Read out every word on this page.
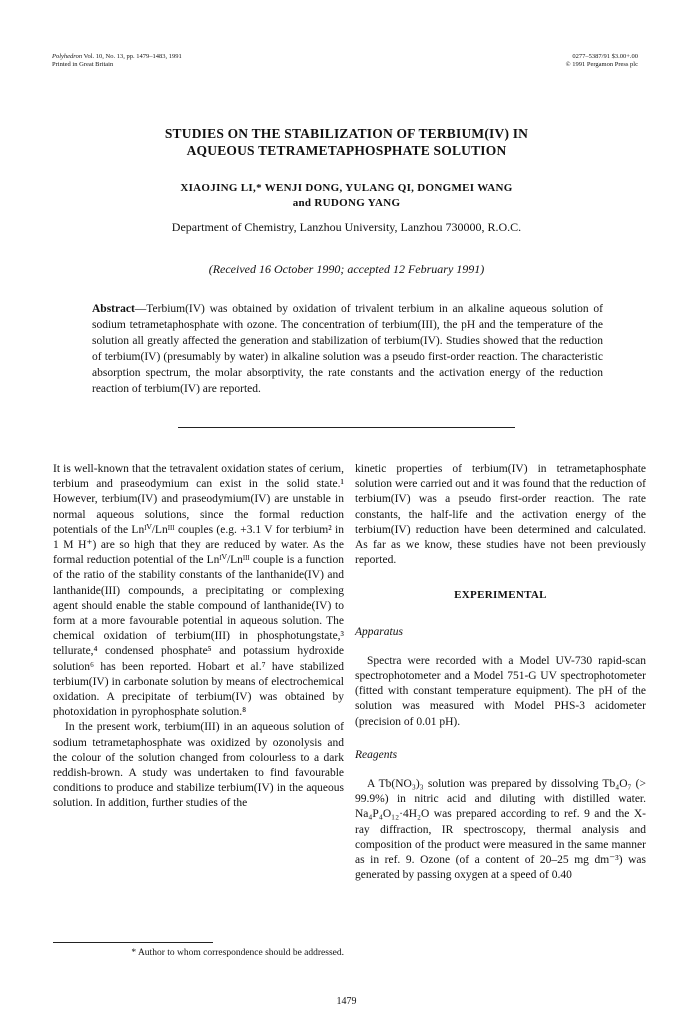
Polyhedron Vol. 10, No. 13, pp. 1479–1483, 1991
Printed in Great Britain
0277–5387/91 $3.00+.00
© 1991 Pergamon Press plc
STUDIES ON THE STABILIZATION OF TERBIUM(IV) IN
AQUEOUS TETRAMETAPHOSPHATE SOLUTION
XIAOJING LI,* WENJI DONG, YULANG QI, DONGMEI WANG
and RUDONG YANG
Department of Chemistry, Lanzhou University, Lanzhou 730000, R.O.C.
(Received 16 October 1990; accepted 12 February 1991)
Abstract—Terbium(IV) was obtained by oxidation of trivalent terbium in an alkaline aqueous solution of sodium tetrametaphosphate with ozone. The concentration of terbium(III), the pH and the temperature of the solution all greatly affected the generation and stabilization of terbium(IV). Studies showed that the reduction of terbium(IV) (presumably by water) in alkaline solution was a pseudo first-order reaction. The characteristic absorption spectrum, the molar absorptivity, the rate constants and the activation energy of the reduction reaction of terbium(IV) are reported.

It is well-known that the tetravalent oxidation states of cerium, terbium and praseodymium can exist in the solid state.¹ However, terbium(IV) and praseodymium(IV) are unstable in normal aqueous solutions, since the formal reduction potentials of the Lnᴵⱽ/Lnᴵᴵᴵ couples (e.g. +3.1 V for terbium² in 1 M H⁺) are so high that they are reduced by water. As the formal reduction potential of the Lnᴵⱽ/Lnᴵᴵᴵ couple is a function of the ratio of the stability constants of the lanthanide(IV) and lanthanide(III) compounds, a precipitating or complexing agent should enable the stable compound of lanthanide(IV) to form at a more favourable potential in aqueous solution. The chemical oxidation of terbium(III) in phosphotungstate,³ tellurate,⁴ condensed phosphate⁵ and potassium hydroxide solution⁶ has been reported. Hobart et al.⁷ have stabilized terbium(IV) in carbonate solution by means of electrochemical oxidation. A precipitate of terbium(IV) was obtained by photoxidation in pyrophosphate solution.⁸

In the present work, terbium(III) in an aqueous solution of sodium tetrametaphosphate was oxidized by ozonolysis and the colour of the solution changed from colourless to a dark reddish-brown. A study was undertaken to find favourable conditions to produce and stabilize terbium(IV) in the aqueous solution. In addition, further studies of the

kinetic properties of terbium(IV) in tetrametaphosphate solution were carried out and it was found that the reduction of terbium(IV) was a pseudo first-order reaction. The rate constants, the half-life and the activation energy of the terbium(IV) reduction have been determined and calculated. As far as we know, these studies have not been previously reported.

EXPERIMENTAL

Apparatus

Spectra were recorded with a Model UV-730 rapid-scan spectrophotometer and a Model 751-G UV spectrophotometer (fitted with constant temperature equipment). The pH of the solution was measured with Model PHS-3 acidometer (precision of 0.01 pH).

Reagents

A Tb(NO₃)₃ solution was prepared by dissolving Tb₄O₇ (> 99.9%) in nitric acid and diluting with distilled water. Na₄P₄O₁₂·4H₂O was prepared according to ref. 9 and the X-ray diffraction, IR spectroscopy, thermal analysis and composition of the product were measured in the same manner as in ref. 9. Ozone (of a content of 20–25 mg dm⁻³) was generated by passing oxygen at a speed of 0.40

* Author to whom correspondence should be addressed.
1479
